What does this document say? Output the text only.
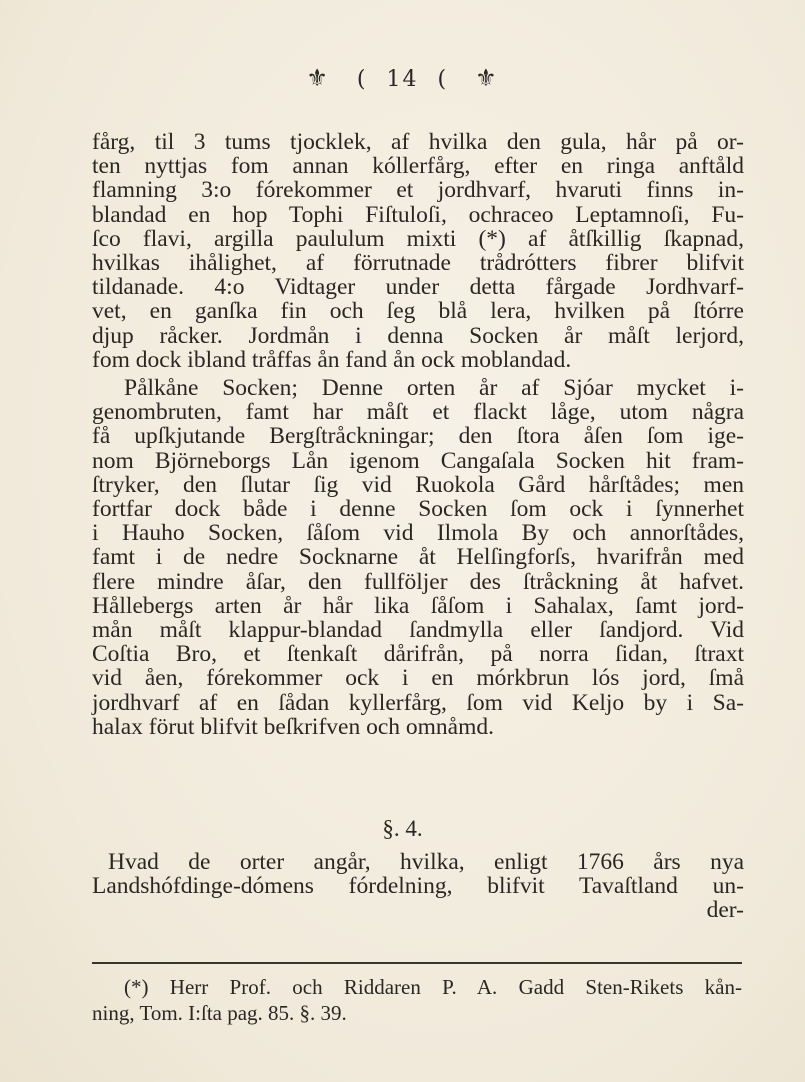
⚜ ( 14 ( ⚜
fårg, til 3 tums tjocklek, af hvilka den gula, hår på or-
ten nyttjas fom annan kóllerfårg, efter en ringa anftåld
flamning 3:o fórekommer et jordhvarf, hvaruti finns in-
blandad en hop Tophi Fiſtuloſi, ochraceo Leptamnoſi, Fu-
ſco flavi, argilla paululum mixti (*) af åtſkillig ſkapnad,
hvilkas ihålighet, af förrutnade trådrótters fibrer blifvit
tildanade. 4:o Vidtager under detta fårgade Jordhvarf-
vet, en ganſka fin och ſeg blå lera, hvilken på ſtórre
djup råcker. Jordmån i denna Socken år måſt lerjord,
fom dock ibland tråffas ån fand ån ock moblandad.
Pålkåne Socken; Denne orten år af Sjóar mycket i-
genombruten, famt har måſt et flackt låge, utom några
få upſkjutande Bergſtråckningar; den ſtora åſen ſom ige-
nom Björneborgs Lån igenom Cangaſala Socken hit fram-
ſtryker, den ſlutar ſig vid Ruokola Gård hårſtådes; men
fortfar dock både i denne Socken ſom ock i ſynnerhet
i Hauho Socken, ſåſom vid Ilmola By och annorſtådes,
famt i de nedre Socknarne åt Helſingforſs, hvarifrån med
flere mindre åſar, den fullföljer des ſtråckning åt hafvet.
Hållebergs arten år hår lika ſåſom i Sahalax, ſamt jord-
mån måſt klappur-blandad ſandmylla eller ſandjord. Vid
Coſtia Bro, et ſtenkaſt dårifrån, på norra ſidan, ſtraxt
vid åen, fórekommer ock i en mórkbrun lós jord, ſmå
jordhvarf af en ſådan kyllerfårg, ſom vid Keljo by i Sa-
halax förut blifvit beſkrifven och omnåmd.
§. 4.
Hvad de orter angår, hvilka, enligt 1766 års nya
Landshófdinge-dómens fórdelning, blifvit Tavaſtland un-
der-
(*) Herr Prof. och Riddaren P. A. Gadd Sten-Rikets kån-
ning, Tom. I:ſta pag. 85. §. 39.
